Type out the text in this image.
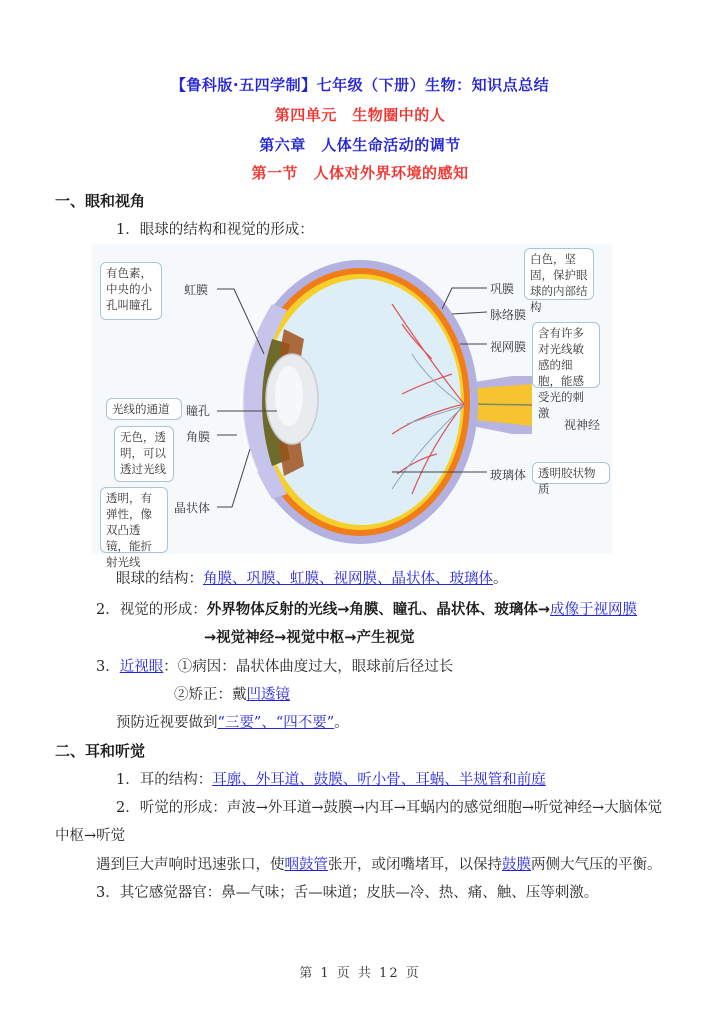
【鲁科版·五四学制】七年级（下册）生物：知识点总结
第四单元　生物圈中的人
第六章　人体生命活动的调节
第一节　人体对外界环境的感知
一、眼和视角
1．眼球的结构和视觉的形成：
有色素，中央的小孔叫瞳孔
虹膜
光线的通道	瞳孔
无色，透明，可以透过光线
角膜
透明，有弹性，像双凸透镜，能折射光线
晶状体
巩膜
白色，坚固，保护眼球的内部结构
脉络膜
视网膜
含有许多对光线敏感的细胞，能感受光的刺激
视神经
玻璃体	透明胶状物质
眼球的结构：角膜、巩膜、虹膜、视网膜、晶状体、玻璃体。
2．视觉的形成：外界物体反射的光线→角膜、瞳孔、晶状体、玻璃体→成像于视网膜
→视觉神经→视觉中枢→产生视觉
3．近视眼：①病因：晶状体曲度过大，眼球前后径过长
②矫正：戴凹透镜
预防近视要做到“三要”、“四不要”。
二、耳和听觉
1．耳的结构：耳廓、外耳道、鼓膜、听小骨、耳蜗、半规管和前庭
2．听觉的形成：声波→外耳道→鼓膜→内耳→耳蜗内的感觉细胞→听觉神经→大脑体觉
中枢→听觉
遇到巨大声响时迅速张口，使咽鼓管张开，或闭嘴堵耳，以保持鼓膜两侧大气压的平衡。
3．其它感觉器官：鼻—气味；舌—味道；皮肤—冷、热、痛、触、压等刺激。
第 1 页 共 12 页
